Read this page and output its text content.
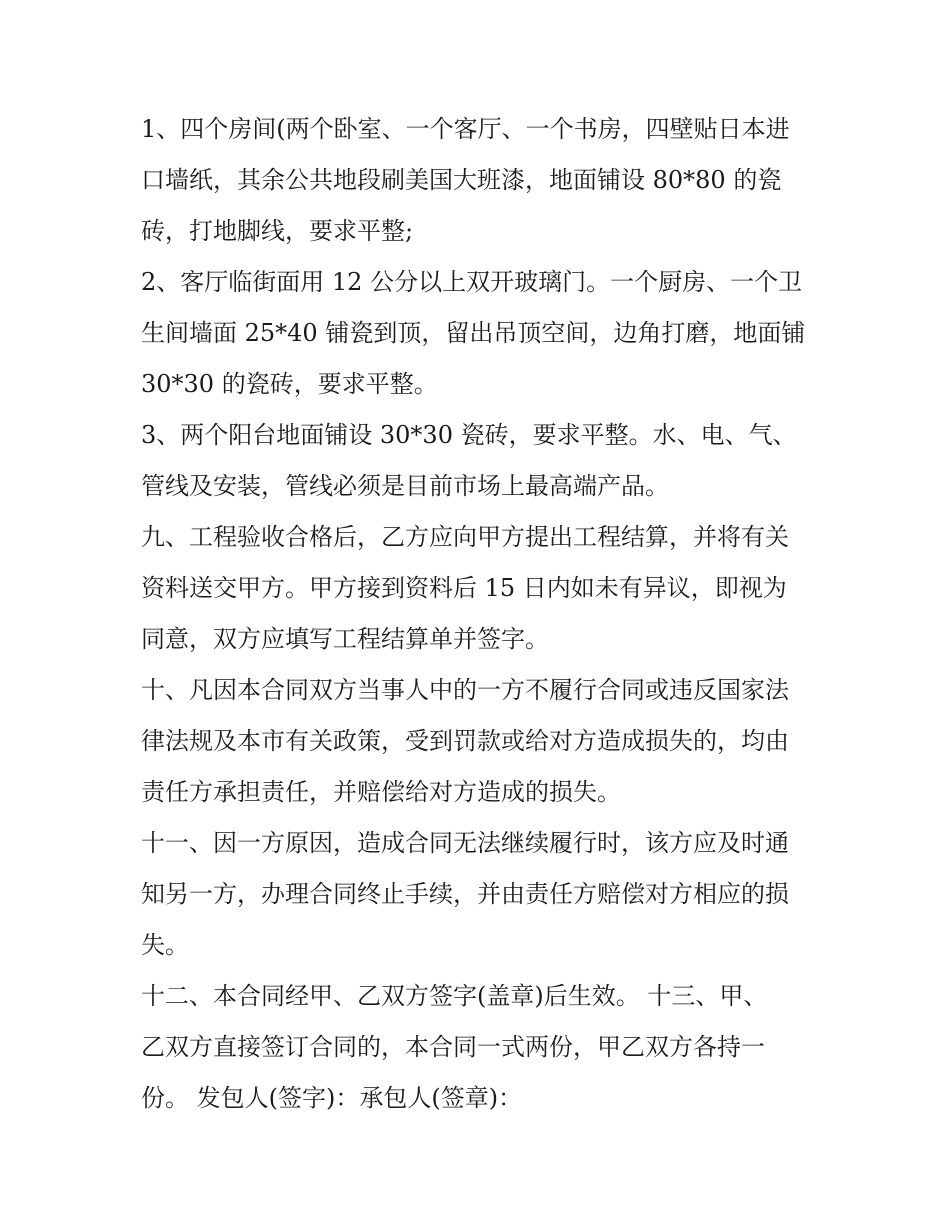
1、四个房间(两个卧室、一个客厅、一个书房，四壁贴日本进
口墙纸，其余公共地段刷美国大班漆，地面铺设 80*80 的瓷
砖，打地脚线，要求平整;

2、客厅临街面用 12 公分以上双开玻璃门。一个厨房、一个卫
生间墙面 25*40 铺瓷到顶，留出吊顶空间，边角打磨，地面铺
30*30 的瓷砖，要求平整。

3、两个阳台地面铺设 30*30 瓷砖，要求平整。水、电、气、
管线及安装，管线必须是目前市场上最高端产品。

九、工程验收合格后，乙方应向甲方提出工程结算，并将有关
资料送交甲方。甲方接到资料后 15 日内如未有异议，即视为
同意，双方应填写工程结算单并签字。

十、凡因本合同双方当事人中的一方不履行合同或违反国家法
律法规及本市有关政策，受到罚款或给对方造成损失的，均由
责任方承担责任，并赔偿给对方造成的损失。

十一、因一方原因，造成合同无法继续履行时，该方应及时通
知另一方，办理合同终止手续，并由责任方赔偿对方相应的损
失。

十二、本合同经甲、乙双方签字(盖章)后生效。 十三、甲、
乙双方直接签订合同的，本合同一式两份，甲乙双方各持一
份。 发包人(签字)：承包人(签章)：
